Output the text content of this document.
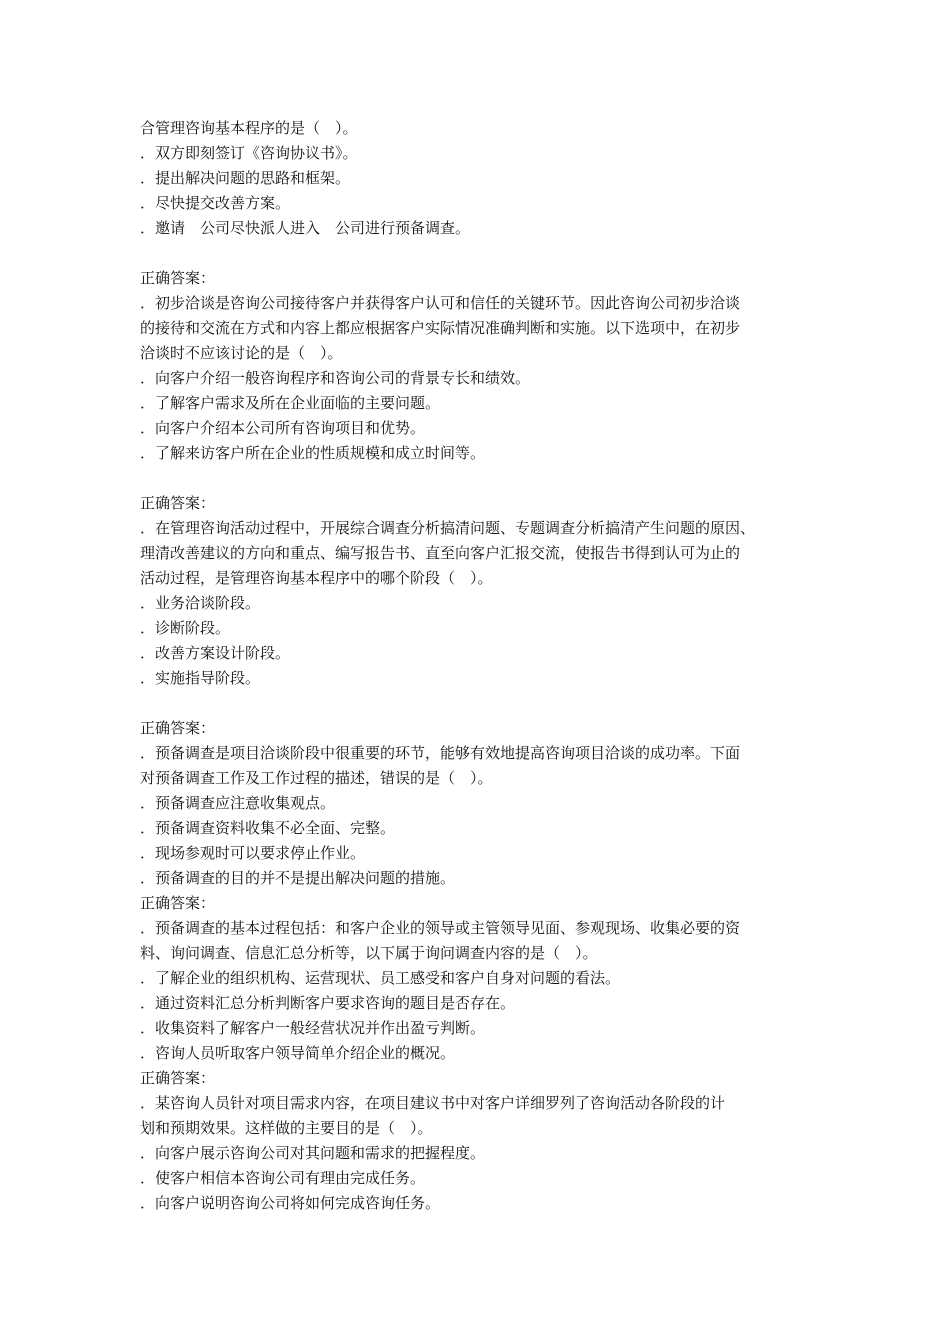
合管理咨询基本程序的是（　）。

．双方即刻签订《咨询协议书》。

．提出解决问题的思路和框架。

．尽快提交改善方案。

．邀请　公司尽快派人进入　公司进行预备调查。

正确答案：

．初步洽谈是咨询公司接待客户并获得客户认可和信任的关键环节。因此咨询公司初步洽谈

的接待和交流在方式和内容上都应根据客户实际情况准确判断和实施。以下选项中，在初步

洽谈时不应该讨论的是（　）。

．向客户介绍一般咨询程序和咨询公司的背景专长和绩效。

．了解客户需求及所在企业面临的主要问题。

．向客户介绍本公司所有咨询项目和优势。

．了解来访客户所在企业的性质规模和成立时间等。

正确答案：

．在管理咨询活动过程中，开展综合调查分析搞清问题、专题调查分析搞清产生问题的原因、

理清改善建议的方向和重点、编写报告书、直至向客户汇报交流，使报告书得到认可为止的

活动过程，是管理咨询基本程序中的哪个阶段（　）。

．业务洽谈阶段。

．诊断阶段。

．改善方案设计阶段。

．实施指导阶段。

正确答案：

．预备调查是项目洽谈阶段中很重要的环节，能够有效地提高咨询项目洽谈的成功率。下面

对预备调查工作及工作过程的描述，错误的是（　）。

．预备调查应注意收集观点。

．预备调查资料收集不必全面、完整。

．现场参观时可以要求停止作业。

．预备调查的目的并不是提出解决问题的措施。

正确答案：

．预备调查的基本过程包括：和客户企业的领导或主管领导见面、参观现场、收集必要的资

料、询问调查、信息汇总分析等，以下属于询问调查内容的是（　）。

．了解企业的组织机构、运营现状、员工感受和客户自身对问题的看法。

．通过资料汇总分析判断客户要求咨询的题目是否存在。

．收集资料了解客户一般经营状况并作出盈亏判断。

．咨询人员听取客户领导简单介绍企业的概况。

正确答案：

．某咨询人员针对项目需求内容，在项目建议书中对客户详细罗列了咨询活动各阶段的计

划和预期效果。这样做的主要目的是（　）。

．向客户展示咨询公司对其问题和需求的把握程度。

．使客户相信本咨询公司有理由完成任务。

．向客户说明咨询公司将如何完成咨询任务。
